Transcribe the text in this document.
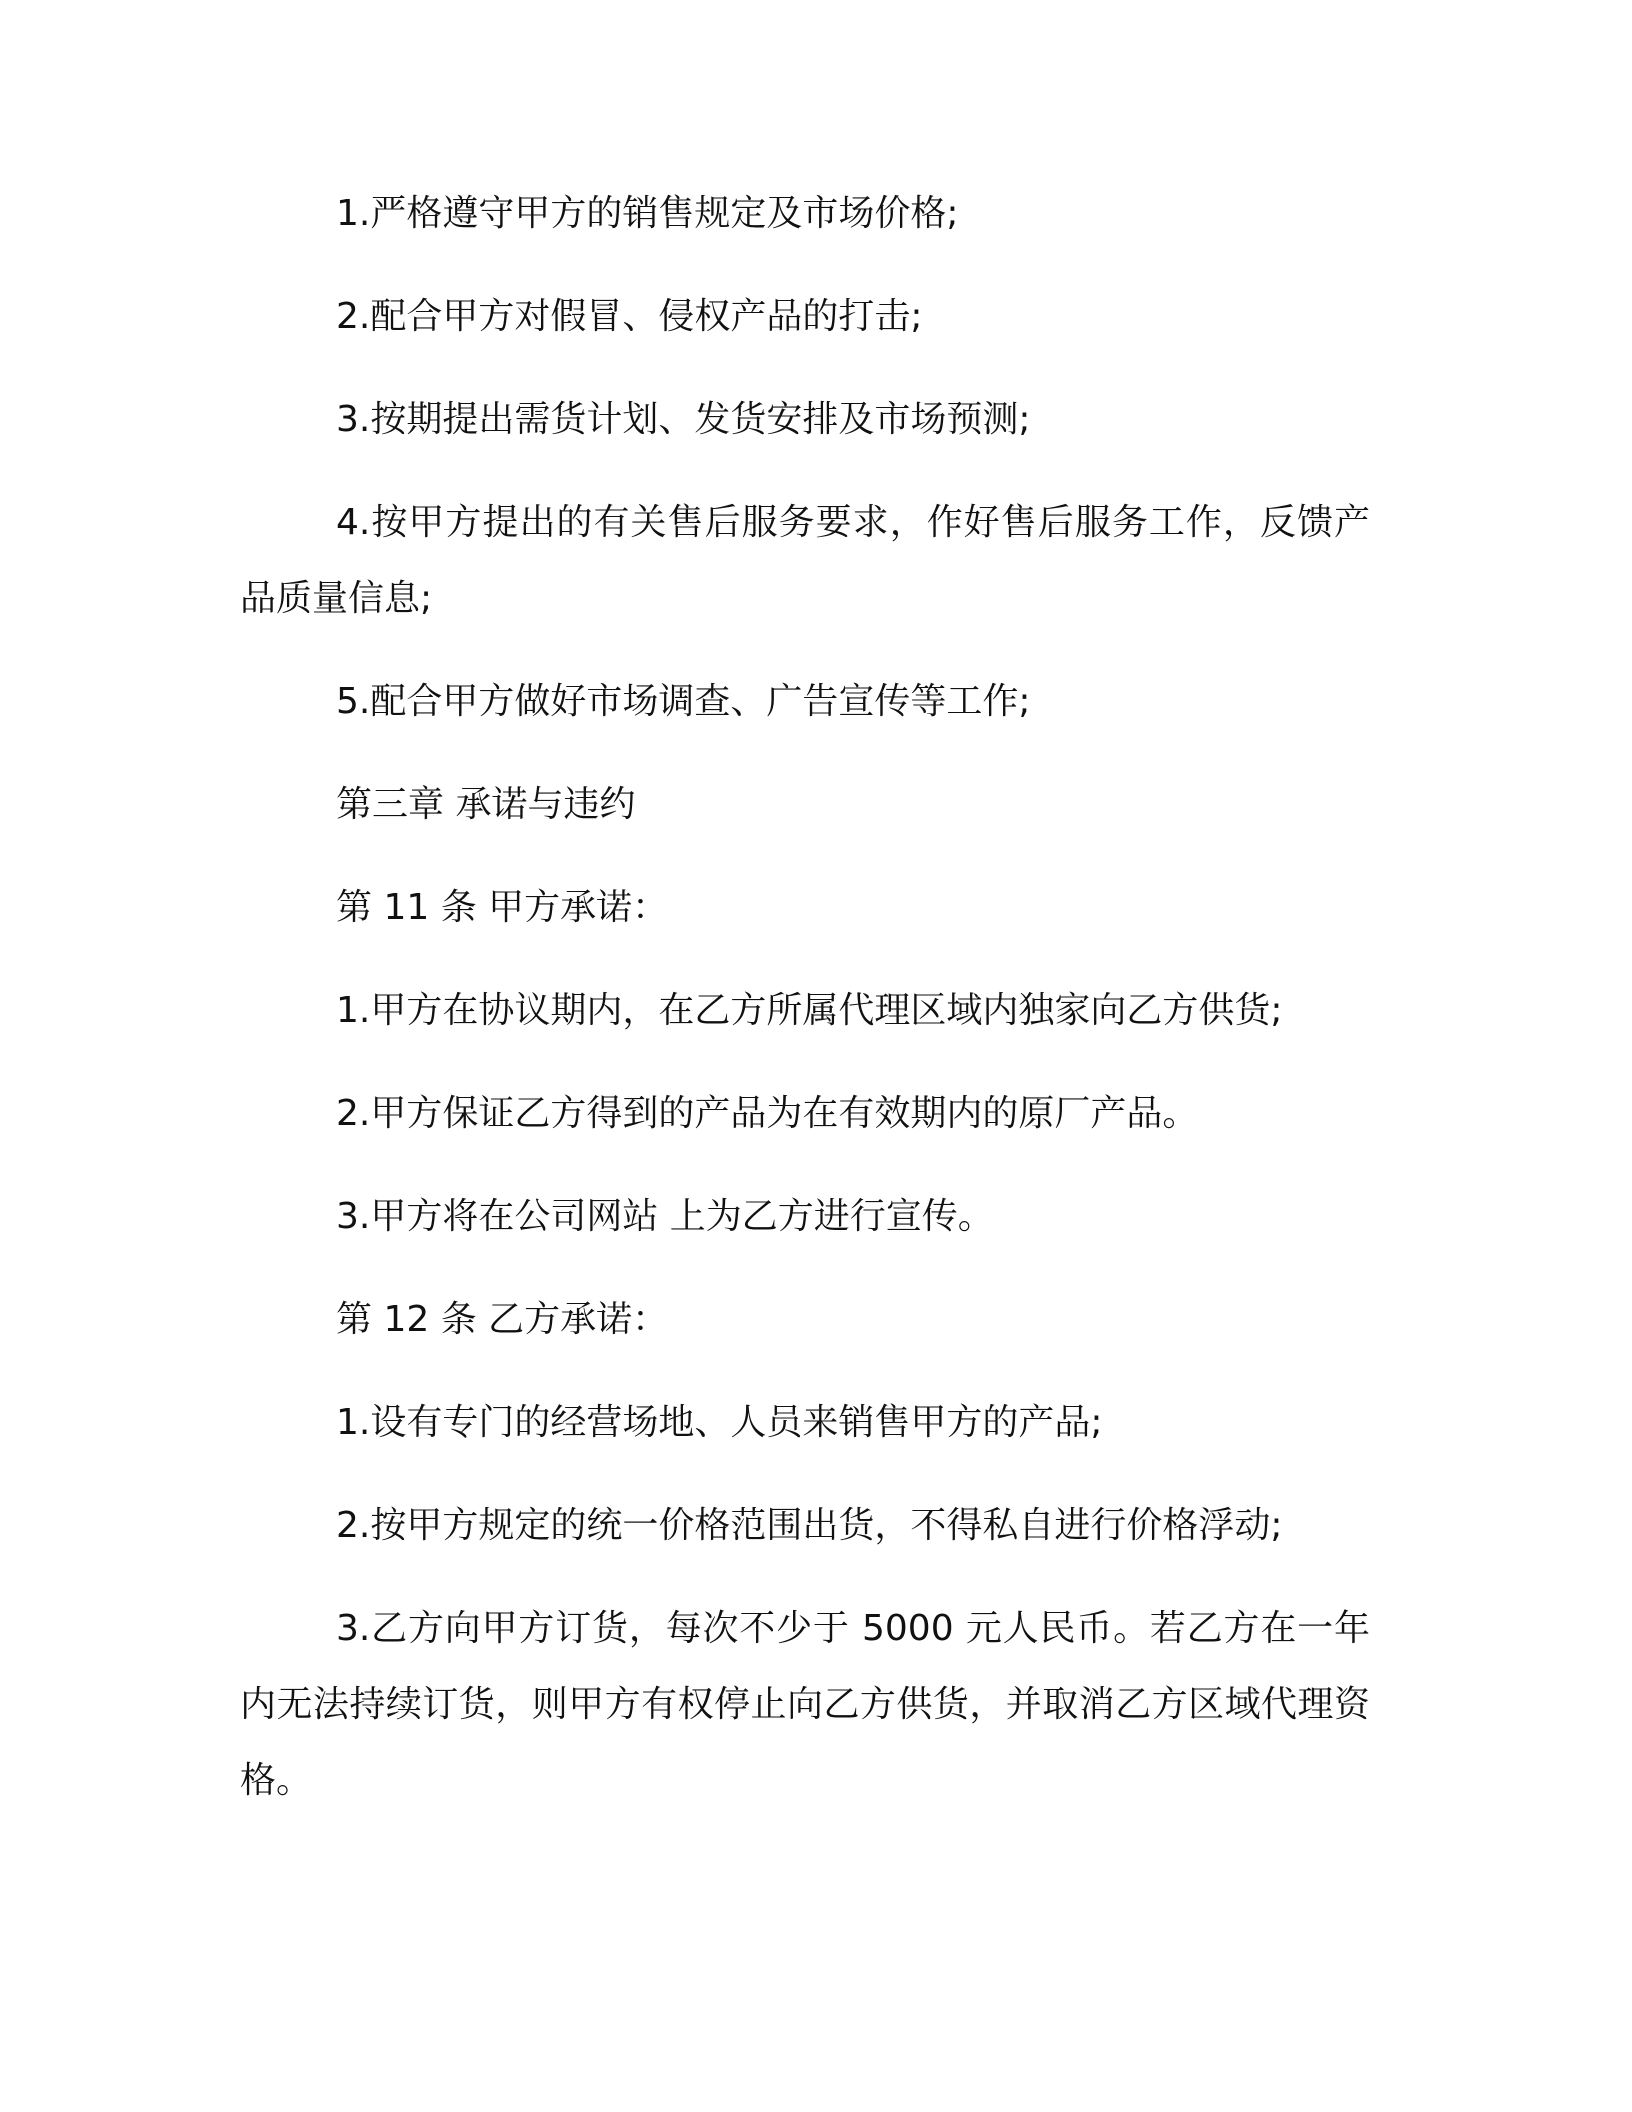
1.严格遵守甲方的销售规定及市场价格;

2.配合甲方对假冒、侵权产品的打击;

3.按期提出需货计划、发货安排及市场预测;

4.按甲方提出的有关售后服务要求，作好售后服务工作，反馈产品质量信息;

5.配合甲方做好市场调查、广告宣传等工作;

第三章 承诺与违约

第 11 条 甲方承诺：

1.甲方在协议期内，在乙方所属代理区域内独家向乙方供货;

2.甲方保证乙方得到的产品为在有效期内的原厂产品。

3.甲方将在公司网站 上为乙方进行宣传。

第 12 条 乙方承诺：

1.设有专门的经营场地、人员来销售甲方的产品;

2.按甲方规定的统一价格范围出货，不得私自进行价格浮动;

3.乙方向甲方订货，每次不少于 5000 元人民币。若乙方在一年内无法持续订货，则甲方有权停止向乙方供货，并取消乙方区域代理资格。
